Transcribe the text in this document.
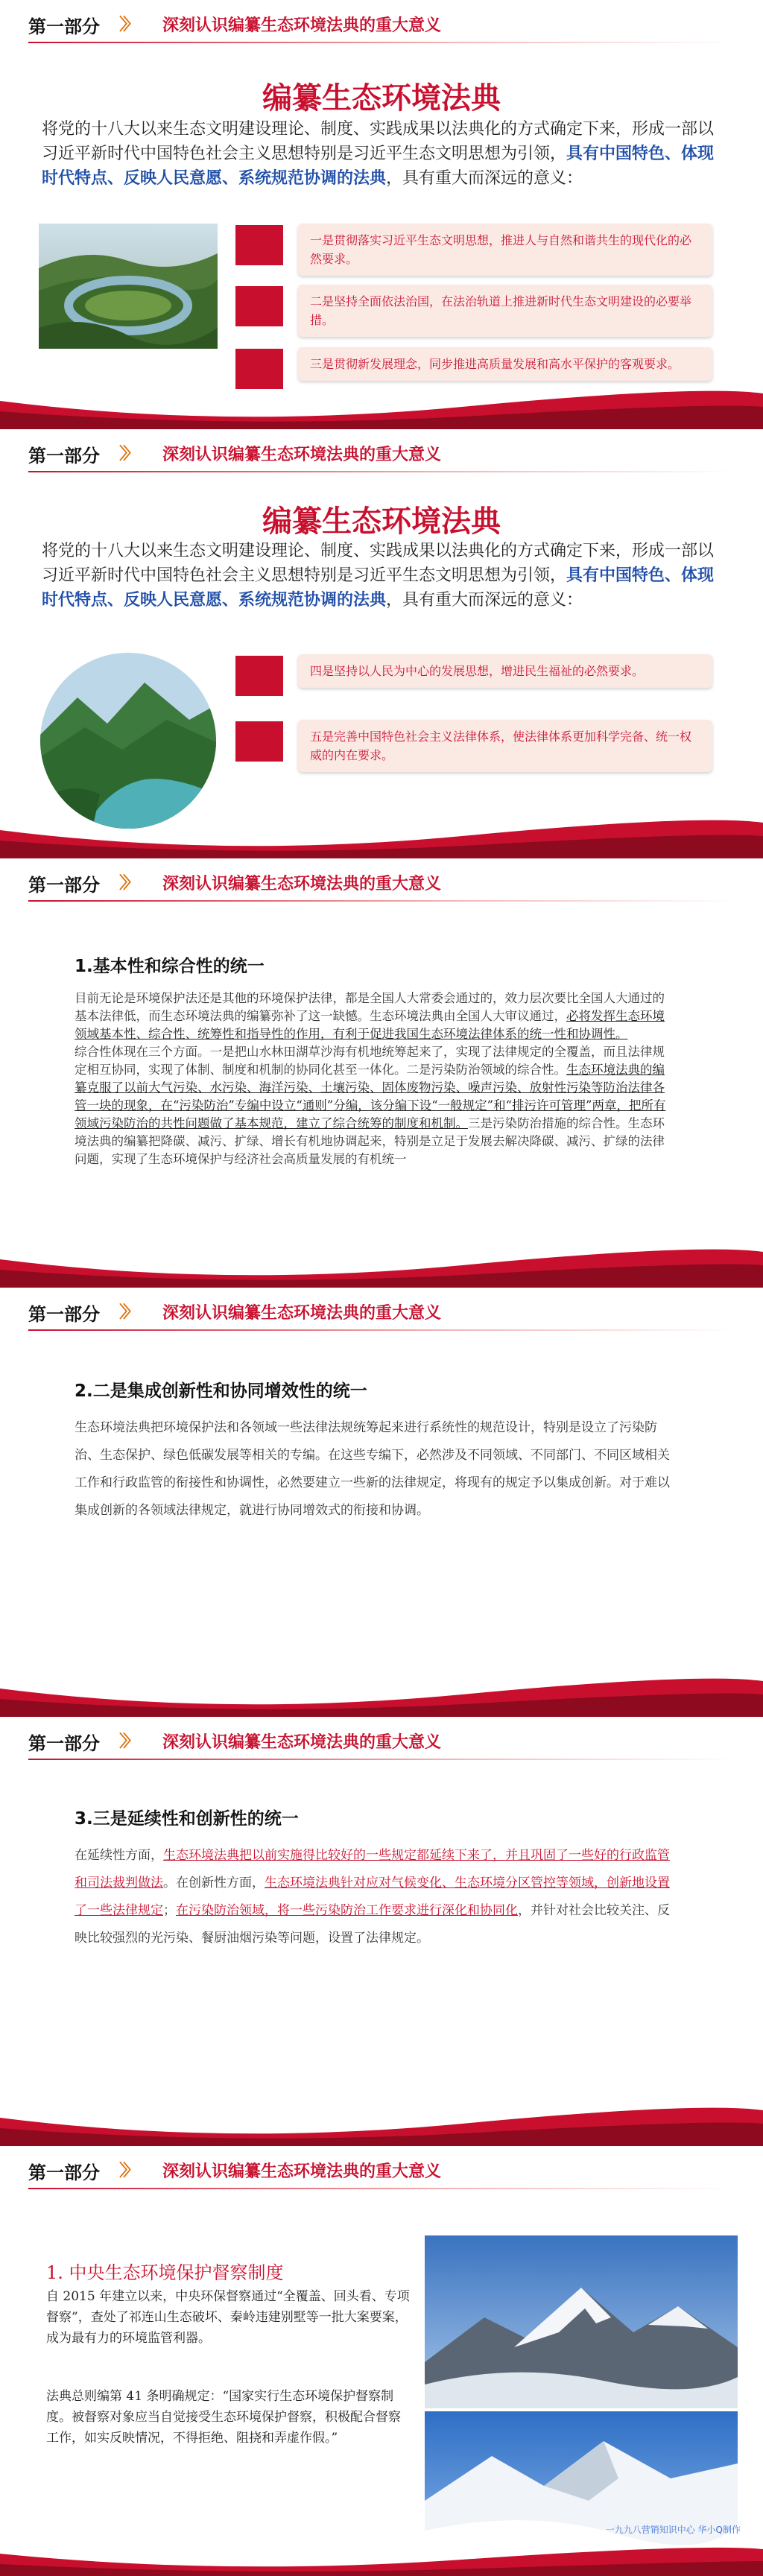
第一部分 〉〉 深刻认识编纂生态环境法典的重大意义
编纂生态环境法典
将党的十八大以来生态文明建设理论、制度、实践成果以法典化的方式确定下来，形成一部以习近平新时代中国特色社会主义思想特别是习近平生态文明思想为引领，具有中国特色、体现时代特点、反映人民意愿、系统规范协调的法典，具有重大而深远的意义：
一是贯彻落实习近平生态文明思想，推进人与自然和谐共生的现代化的必然要求。
二是坚持全面依法治国，在法治轨道上推进新时代生态文明建设的必要举措。
三是贯彻新发展理念，同步推进高质量发展和高水平保护的客观要求。
第一部分 〉〉 深刻认识编纂生态环境法典的重大意义
编纂生态环境法典
将党的十八大以来生态文明建设理论、制度、实践成果以法典化的方式确定下来，形成一部以习近平新时代中国特色社会主义思想特别是习近平生态文明思想为引领，具有中国特色、体现时代特点、反映人民意愿、系统规范协调的法典，具有重大而深远的意义：
四是坚持以人民为中心的发展思想，增进民生福祉的必然要求。
五是完善中国特色社会主义法律体系，使法律体系更加科学完备、统一权威的内在要求。
第一部分 〉〉 深刻认识编纂生态环境法典的重大意义
1.基本性和综合性的统一

目前无论是环境保护法还是其他的环境保护法律，都是全国人大常委会通过的，效力层次要比全国人大通过的基本法律低，而生态环境法典的编纂弥补了这一缺憾。生态环境法典由全国人大审议通过，必将发挥生态环境领域基本性、综合性、统筹性和指导性的作用，有利于促进我国生态环境法律体系的统一性和协调性。

综合性体现在三个方面。一是把山水林田湖草沙海有机地统筹起来了，实现了法律规定的全覆盖，而且法律规定相互协同，实现了体制、制度和机制的协同化甚至一体化。二是污染防治领域的综合性。生态环境法典的编纂克服了以前大气污染、水污染、海洋污染、土壤污染、固体废物污染、噪声污染、放射性污染等防治法律各管一块的现象，在“污染防治”专编中设立“通则”分编，该分编下设“一般规定”和“排污许可管理”两章，把所有领域污染防治的共性问题做了基本规范，建立了综合统筹的制度和机制。三是污染防治措施的综合性。生态环境法典的编纂把降碳、减污、扩绿、增长有机地协调起来，特别是立足于发展去解决降碳、减污、扩绿的法律问题，实现了生态环境保护与经济社会高质量发展的有机统一

第一部分 〉〉 深刻认识编纂生态环境法典的重大意义
2.二是集成创新性和协同增效性的统一
生态环境法典把环境保护法和各领域一些法律法规统筹起来进行系统性的规范设计，特别是设立了污染防治、生态保护、绿色低碳发展等相关的专编。在这些专编下，必然涉及不同领域、不同部门、不同区域相关工作和行政监管的衔接性和协调性，必然要建立一些新的法律规定，将现有的规定予以集成创新。对于难以集成创新的各领域法律规定，就进行协同增效式的衔接和协调。
第一部分 〉〉 深刻认识编纂生态环境法典的重大意义
3.三是延续性和创新性的统一
在延续性方面，生态环境法典把以前实施得比较好的一些规定都延续下来了，并且巩固了一些好的行政监管和司法裁判做法。在创新性方面，生态环境法典针对应对气候变化、生态环境分区管控等领域，创新地设置了一些法律规定；在污染防治领域，将一些污染防治工作要求进行深化和协同化，并针对社会比较关注、反映比较强烈的光污染、餐厨油烟污染等问题，设置了法律规定。
第一部分 〉〉 深刻认识编纂生态环境法典的重大意义
1. 中央生态环境保护督察制度
自 2015 年建立以来，中央环保督察通过“全覆盖、回头看、专项督察”，查处了祁连山生态破坏、秦岭违建别墅等一批大案要案，成为最有力的环境监管利器。
法典总则编第 41 条明确规定：“国家实行生态环境保护督察制度。被督察对象应当自觉接受生态环境保护督察，积极配合督察工作，如实反映情况，不得拒绝、阻挠和弄虚作假。”
一九九八营销知识中心 华小Q制作
